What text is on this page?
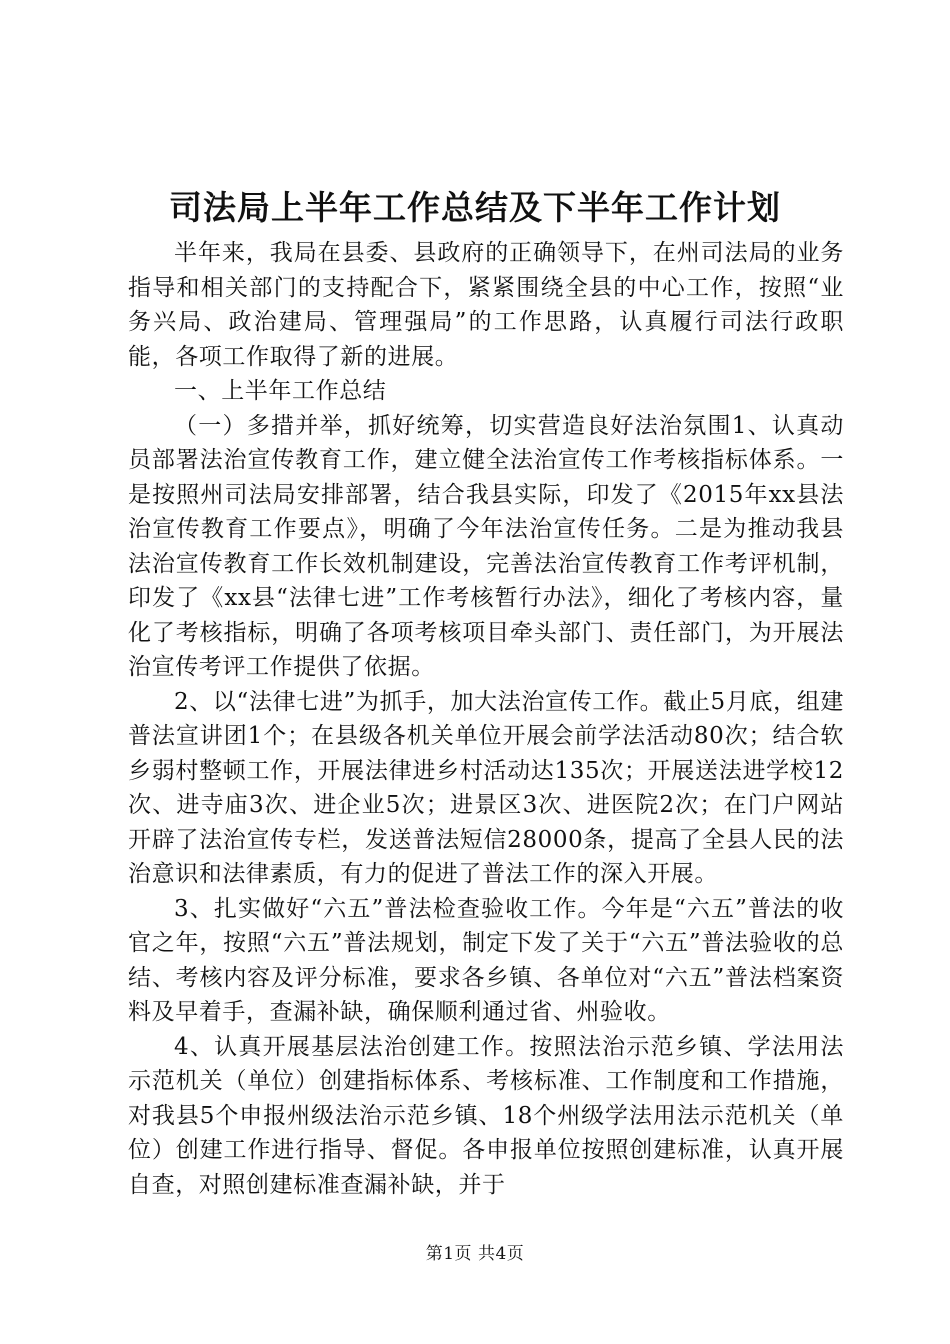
司法局上半年工作总结及下半年工作计划

半年来，我局在县委、县政府的正确领导下，在州司法局的业务指导和相关部门的支持配合下，紧紧围绕全县的中心工作，按照“业务兴局、政治建局、管理强局”的工作思路，认真履行司法行政职能，各项工作取得了新的进展。

一、上半年工作总结

（一）多措并举，抓好统筹，切实营造良好法治氛围1、认真动员部署法治宣传教育工作，建立健全法治宣传工作考核指标体系。一是按照州司法局安排部署，结合我县实际，印发了《2015年xx县法治宣传教育工作要点》，明确了今年法治宣传任务。二是为推动我县法治宣传教育工作长效机制建设，完善法治宣传教育工作考评机制，印发了《xx县“法律七进”工作考核暂行办法》，细化了考核内容，量化了考核指标，明确了各项考核项目牵头部门、责任部门，为开展法治宣传考评工作提供了依据。

2、以“法律七进”为抓手，加大法治宣传工作。截止5月底，组建普法宣讲团1个；在县级各机关单位开展会前学法活动80次；结合软乡弱村整顿工作，开展法律进乡村活动达135次；开展送法进学校12次、进寺庙3次、进企业5次；进景区3次、进医院2次；在门户网站开辟了法治宣传专栏，发送普法短信28000条，提高了全县人民的法治意识和法律素质，有力的促进了普法工作的深入开展。

3、扎实做好“六五”普法检查验收工作。今年是“六五”普法的收官之年，按照“六五”普法规划，制定下发了关于“六五”普法验收的总结、考核内容及评分标准，要求各乡镇、各单位对“六五”普法档案资料及早着手，查漏补缺，确保顺利通过省、州验收。

4、认真开展基层法治创建工作。按照法治示范乡镇、学法用法示范机关（单位）创建指标体系、考核标准、工作制度和工作措施，对我县5个申报州级法治示范乡镇、18个州级学法用法示范机关（单位）创建工作进行指导、督促。各申报单位按照创建标准，认真开展自查，对照创建标准查漏补缺，并于

第1页 共4页
